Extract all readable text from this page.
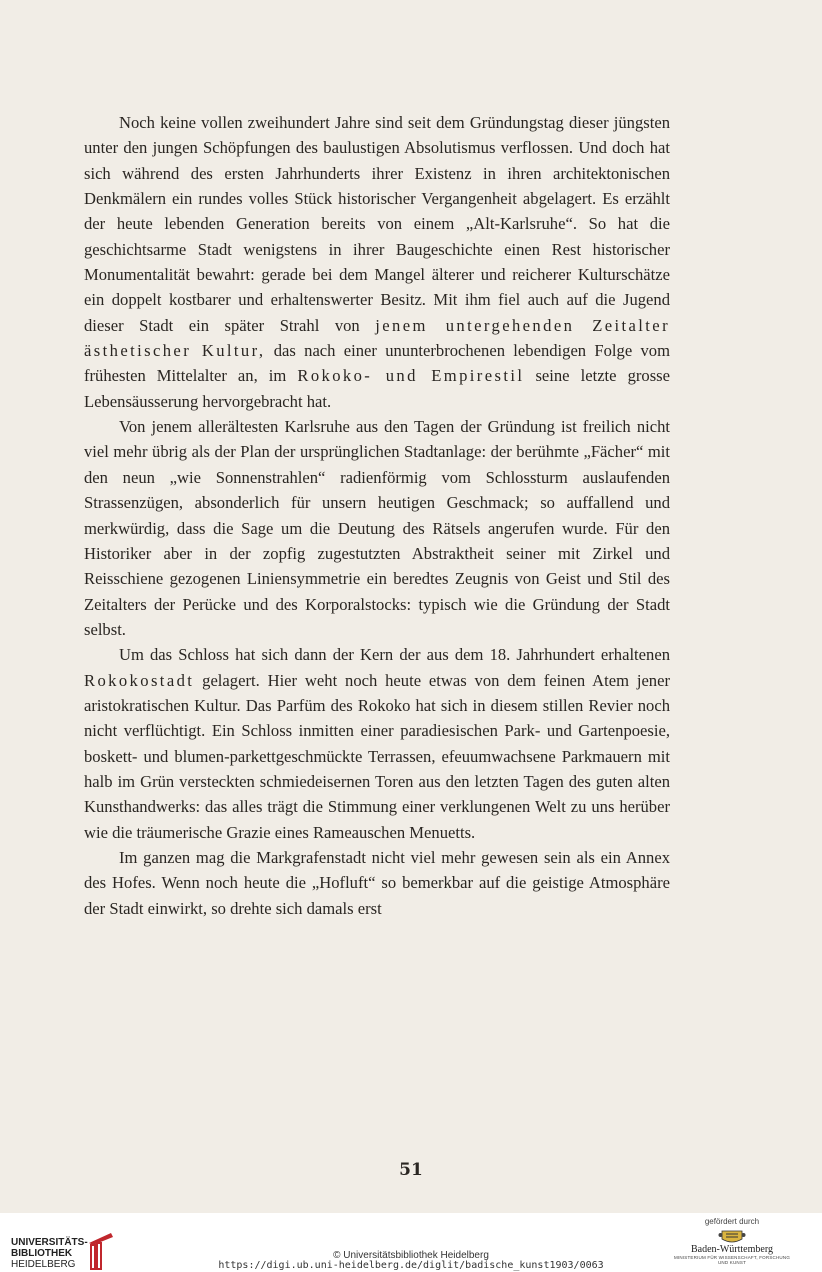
Noch keine vollen zweihundert Jahre sind seit dem Gründungstag dieser jüngsten unter den jungen Schöpfungen des baulustigen Absolutismus verflossen. Und doch hat sich während des ersten Jahrhunderts ihrer Existenz in ihren architektonischen Denkmälern ein rundes volles Stück historischer Vergangenheit abgelagert. Es erzählt der heute lebenden Generation bereits von einem „Alt-Karlsruhe“. So hat die geschichtsarme Stadt wenigstens in ihrer Baugeschichte einen Rest historischer Monumentalität bewahrt: gerade bei dem Mangel älterer und reicherer Kulturschätze ein doppelt kostbarer und erhaltenswerter Besitz. Mit ihm fiel auch auf die Jugend dieser Stadt ein später Strahl von jenem untergehenden Zeitalter ästhetischer Kultur, das nach einer ununterbrochenen lebendigen Folge vom frühesten Mittelalter an, im Rokoko- und Empirestil seine letzte grosse Lebensäusserung hervorgebracht hat.

Von jenem allerältesten Karlsruhe aus den Tagen der Gründung ist freilich nicht viel mehr übrig als der Plan der ursprünglichen Stadtanlage: der berühmte „Fächer“ mit den neun „wie Sonnenstrahlen“ radienförmig vom Schlossturm auslaufenden Strassenzügen, absonderlich für unsern heutigen Geschmack; so auffallend und merkwürdig, dass die Sage um die Deutung des Rätsels angerufen wurde. Für den Historiker aber in der zopfig zugestutzten Abstraktheit seiner mit Zirkel und Reisschiene gezogenen Liniensymmetrie ein beredtes Zeugnis von Geist und Stil des Zeitalters der Perücke und des Korporalstocks: typisch wie die Gründung der Stadt selbst.

Um das Schloss hat sich dann der Kern der aus dem 18. Jahrhundert erhaltenen Rokokostadt gelagert. Hier weht noch heute etwas von dem feinen Atem jener aristokratischen Kultur. Das Parfüm des Rokoko hat sich in diesem stillen Revier noch nicht verflüchtigt. Ein Schloss inmitten einer paradiesischen Park- und Gartenpoesie, boskett- und blumen-parkettgeschmückte Terrassen, efeuumwachsene Parkmauern mit halb im Grün versteckten schmiedeisernen Toren aus den letzten Tagen des guten alten Kunsthandwerks: das alles trägt die Stimmung einer verklungenen Welt zu uns herüber wie die träumerische Grazie eines Rameauschen Menuetts.

Im ganzen mag die Markgrafenstadt nicht viel mehr gewesen sein als ein Annex des Hofes. Wenn noch heute die „Hofluft“ so bemerkbar auf die geistige Atmosphäre der Stadt einwirkt, so drehte sich damals erst

51
UNIVERSITÄTS-
BIBLIOTHEK
HEIDELBERG
© Universitätsbibliothek Heidelberg
https://digi.ub.uni-heidelberg.de/diglit/badische_kunst1903/0063
gefördert durch
Baden-Württemberg
MINISTERIUM FÜR WISSENSCHAFT, FORSCHUNG UND KUNST
